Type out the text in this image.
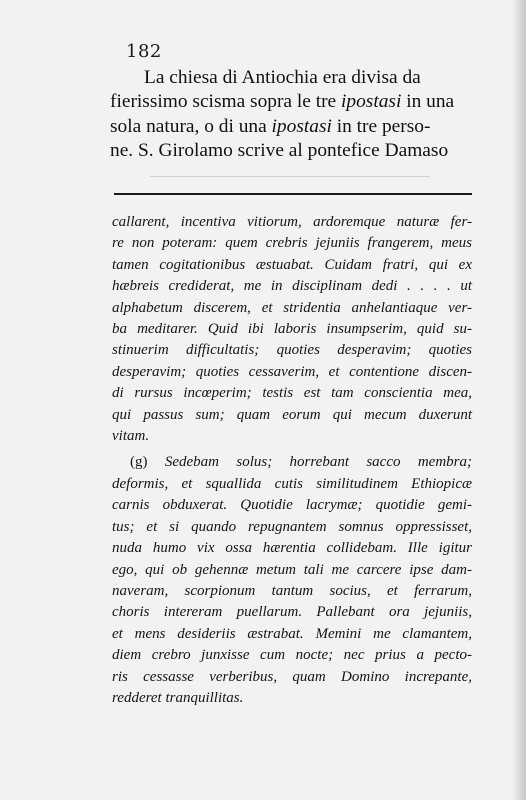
182
La chiesa di Antiochia era divisa da
fierissimo scisma sopra le tre ipostasi in una
sola natura, o di una ipostasi in tre perso-
ne. S. Girolamo scrive al pontefice Damaso
callarent, incentiva vitiorum, ardoremque naturæ fer-
re non poteram: quem crebris jejuniis frangerem, meus
tamen cogitationibus æstuabat. Cuidam fratri, qui ex
hæbreis crediderat, me in disciplinam dedi . . . . ut
alphabetum discerem, et stridentia anhelantiaque ver-
ba meditarer. Quid ibi laboris insumpserim, quid su-
stinuerim difficultatis; quoties desperavim; quoties
desperavim; quoties cessaverim, et contentione discen-
di rursus incœperim; testis est tam conscientia mea,
qui passus sum; quam eorum qui mecum duxerunt
vitam.
(g) Sedebam solus; horrebant sacco membra;
deformis, et squallida cutis similitudinem Ethiopicæ
carnis obduxerat. Quotidie lacrymæ; quotidie gemi-
tus; et si quando repugnantem somnus oppressisset,
nuda humo vix ossa hærentia collidebam. Ille igitur
ego, qui ob gehennæ metum tali me carcere ipse dam-
naveram, scorpionum tantum socius, et ferrarum,
choris intereram puellarum. Pallebant ora jejuniis,
et mens desideriis æstrabat. Memini me clamantem,
diem crebro junxisse cum nocte; nec prius a pecto-
ris cessasse verberibus, quam Domino increpante,
redderet tranquillitas.
